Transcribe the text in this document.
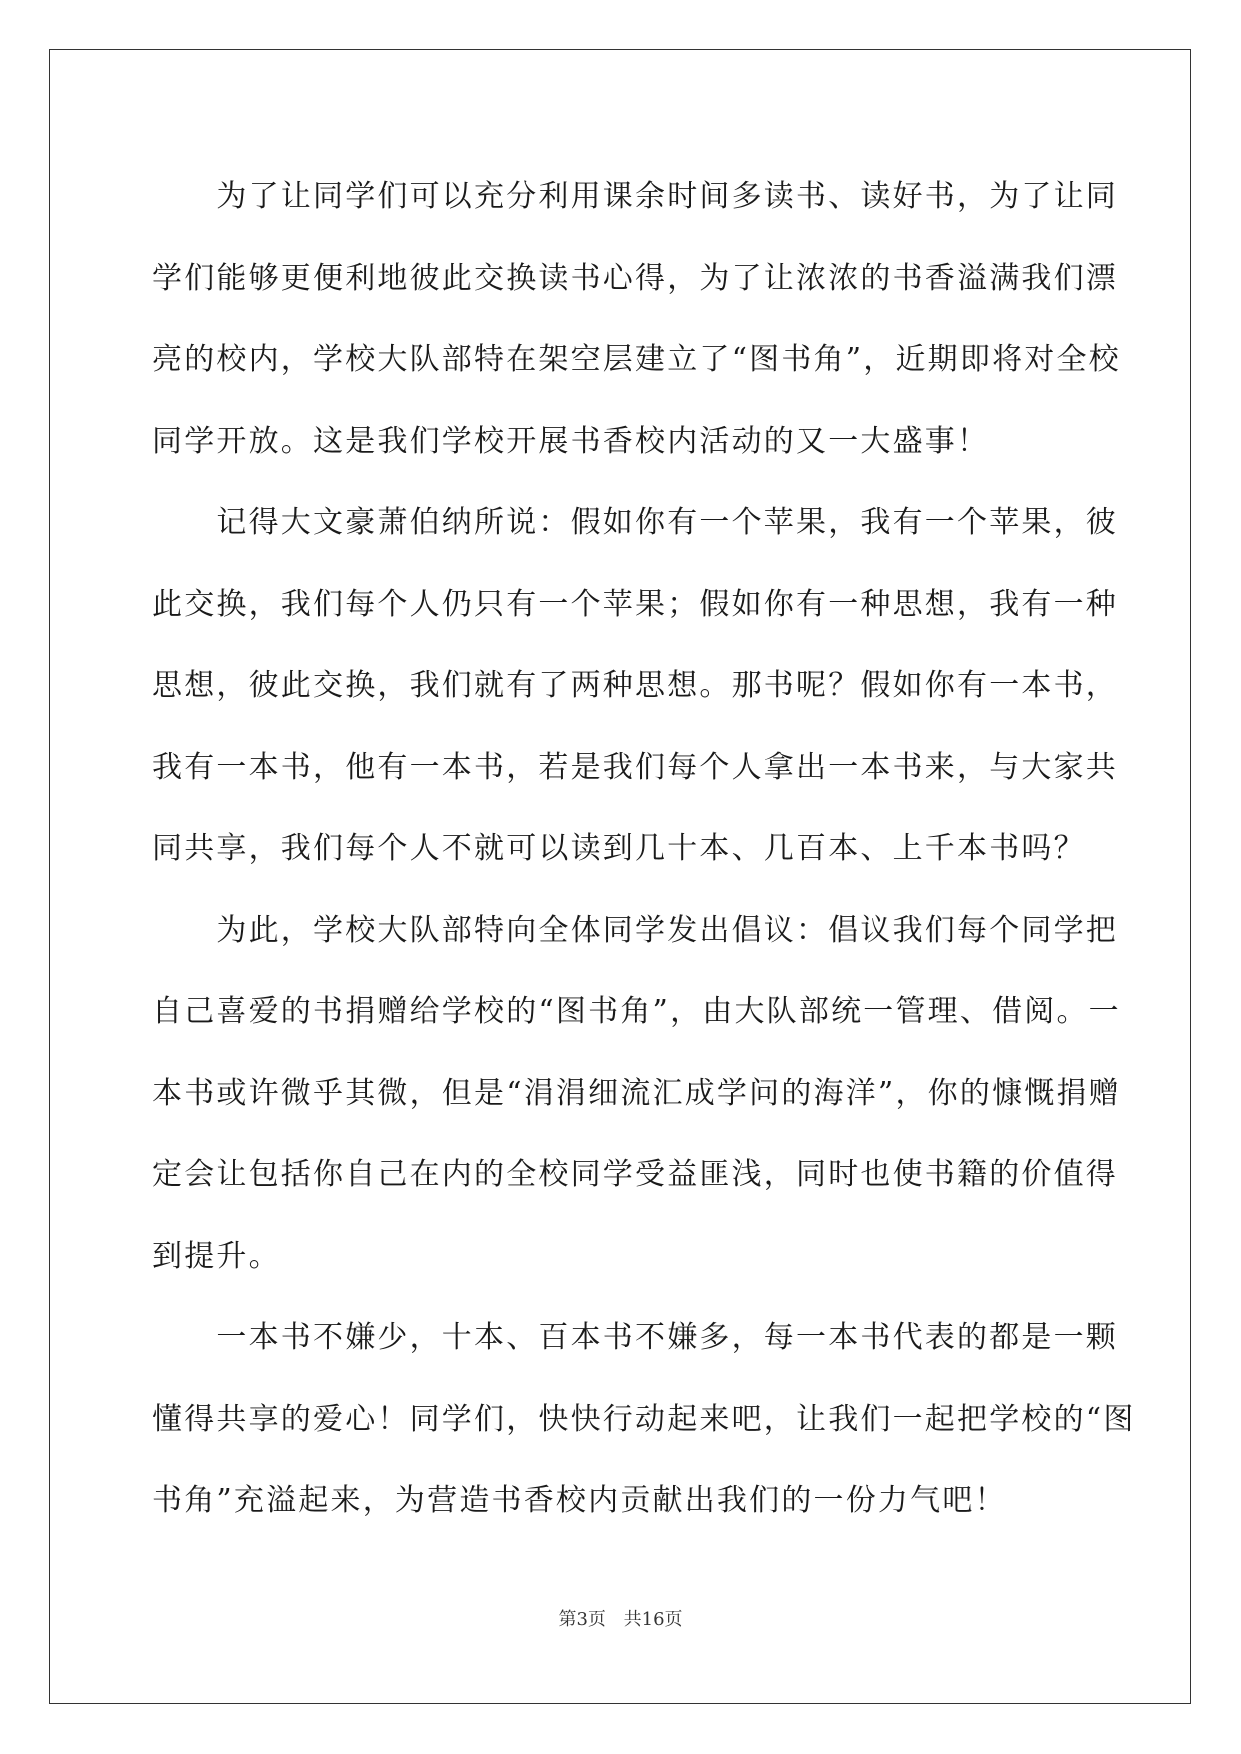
　　为了让同学们可以充分利用课余时间多读书、读好书，为了让同
学们能够更便利地彼此交换读书心得，为了让浓浓的书香溢满我们漂
亮的校内，学校大队部特在架空层建立了“图书角”，近期即将对全校
同学开放。这是我们学校开展书香校内活动的又一大盛事！
　　记得大文豪萧伯纳所说：假如你有一个苹果，我有一个苹果，彼
此交换，我们每个人仍只有一个苹果；假如你有一种思想，我有一种
思想，彼此交换，我们就有了两种思想。那书呢？假如你有一本书，
我有一本书，他有一本书，若是我们每个人拿出一本书来，与大家共
同共享，我们每个人不就可以读到几十本、几百本、上千本书吗？
　　为此，学校大队部特向全体同学发出倡议：倡议我们每个同学把
自己喜爱的书捐赠给学校的“图书角”，由大队部统一管理、借阅。一
本书或许微乎其微，但是“涓涓细流汇成学问的海洋”，你的慷慨捐赠
定会让包括你自己在内的全校同学受益匪浅，同时也使书籍的价值得
到提升。
　　一本书不嫌少，十本、百本书不嫌多，每一本书代表的都是一颗
懂得共享的爱心！同学们，快快行动起来吧，让我们一起把学校的“图
书角”充溢起来，为营造书香校内贡献出我们的一份力气吧！
第3页 共16页
